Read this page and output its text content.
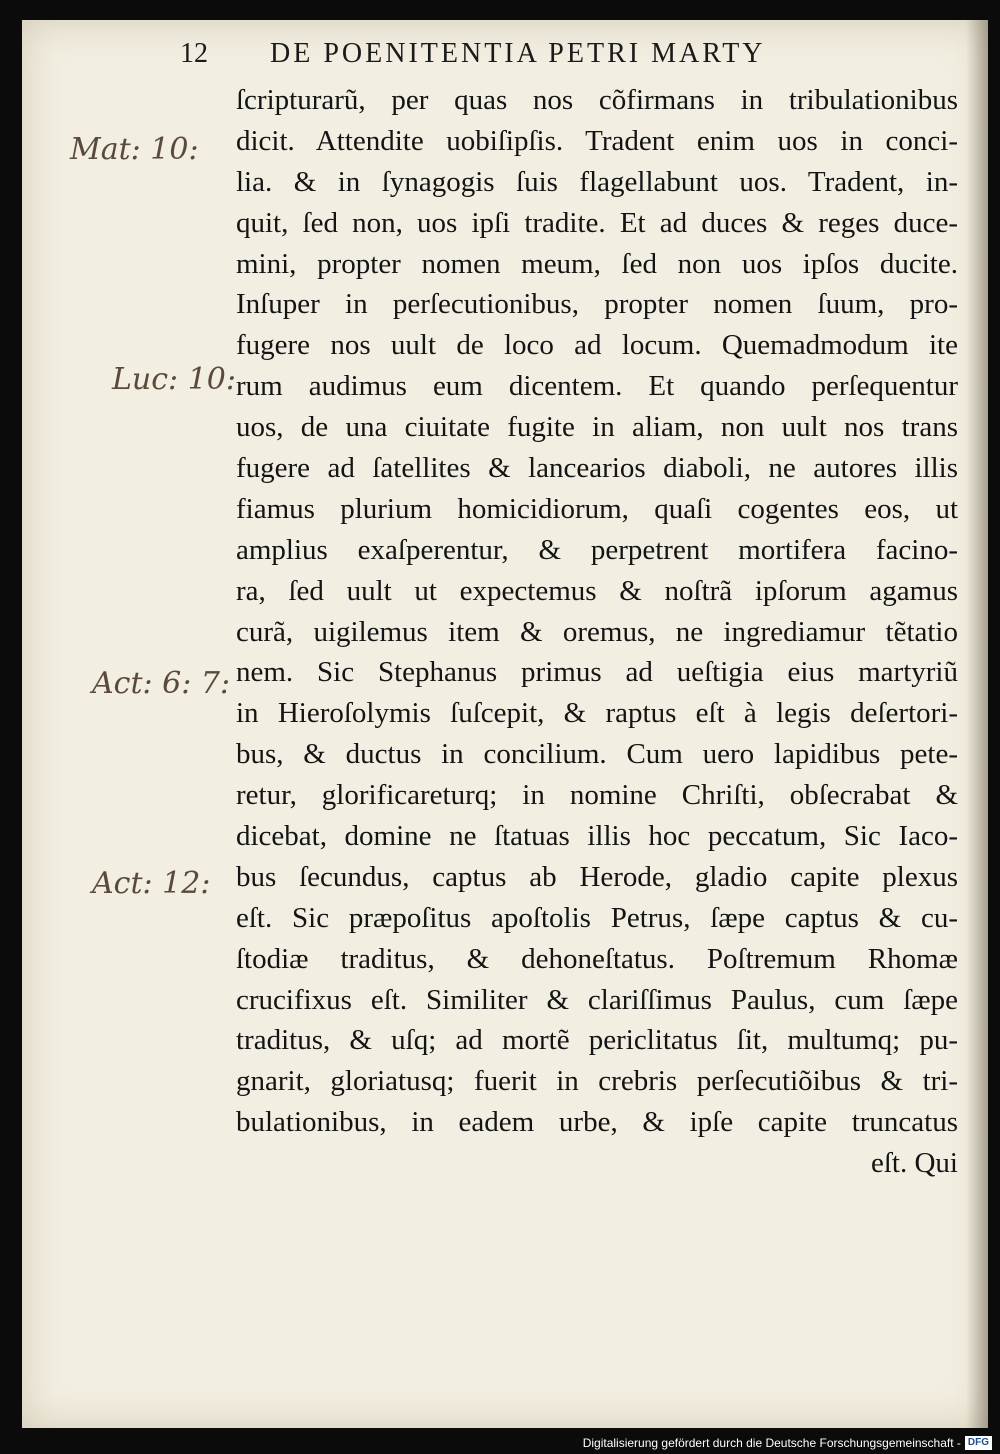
12 DE POENITENTIA PETRI MARTY
Mat: 10:
Luc: 10:
Act: 6: 7:
Act: 12:
ſcripturarũ, per quas nos cõfirmans in tribulationibus
dicit. Attendite uobiſipſis. Tradent enim uos in conci-
lia. & in ſynagogis ſuis flagellabunt uos. Tradent, in-
quit, ſed non, uos ipſi tradite. Et ad duces & reges duce-
mini, propter nomen meum, ſed non uos ipſos ducite.
Inſuper in perſecutionibus, propter nomen ſuum, pro-
fugere nos uult de loco ad locum. Quemadmodum ite
rum audimus eum dicentem. Et quando perſequentur
uos, de una ciuitate fugite in aliam, non uult nos trans
fugere ad ſatellites & lancearios diaboli, ne autores illis
fiamus plurium homicidiorum, quaſi cogentes eos, ut
amplius exaſperentur, & perpetrent mortifera facino-
ra, ſed uult ut expectemus & noſtrã ipſorum agamus
curã, uigilemus item & oremus, ne ingrediamur tẽtatio
nem. Sic Stephanus primus ad ueſtigia eius martyriũ
in Hieroſolymis ſuſcepit, & raptus eſt à legis deſertori-
bus, & ductus in concilium. Cum uero lapidibus pete-
retur, glorificareturq; in nomine Chriſti, obſecrabat &
dicebat, domine ne ſtatuas illis hoc peccatum, Sic Iaco-
bus ſecundus, captus ab Herode, gladio capite plexus
eſt. Sic præpoſitus apoſtolis Petrus, ſæpe captus & cu-
ſtodiæ traditus, & dehoneſtatus. Poſtremum Rhomæ
crucifixus eſt. Similiter & clariſſimus Paulus, cum ſæpe
traditus, & uſq; ad mortẽ periclitatus ſit, multumq; pu-
gnarit, gloriatusq; fuerit in crebris perſecutiõibus & tri-
bulationibus, in eadem urbe, & ipſe capite truncatus
eſt. Qui
Digitalisierung gefördert durch die Deutsche Forschungsgemeinschaft - DFG
